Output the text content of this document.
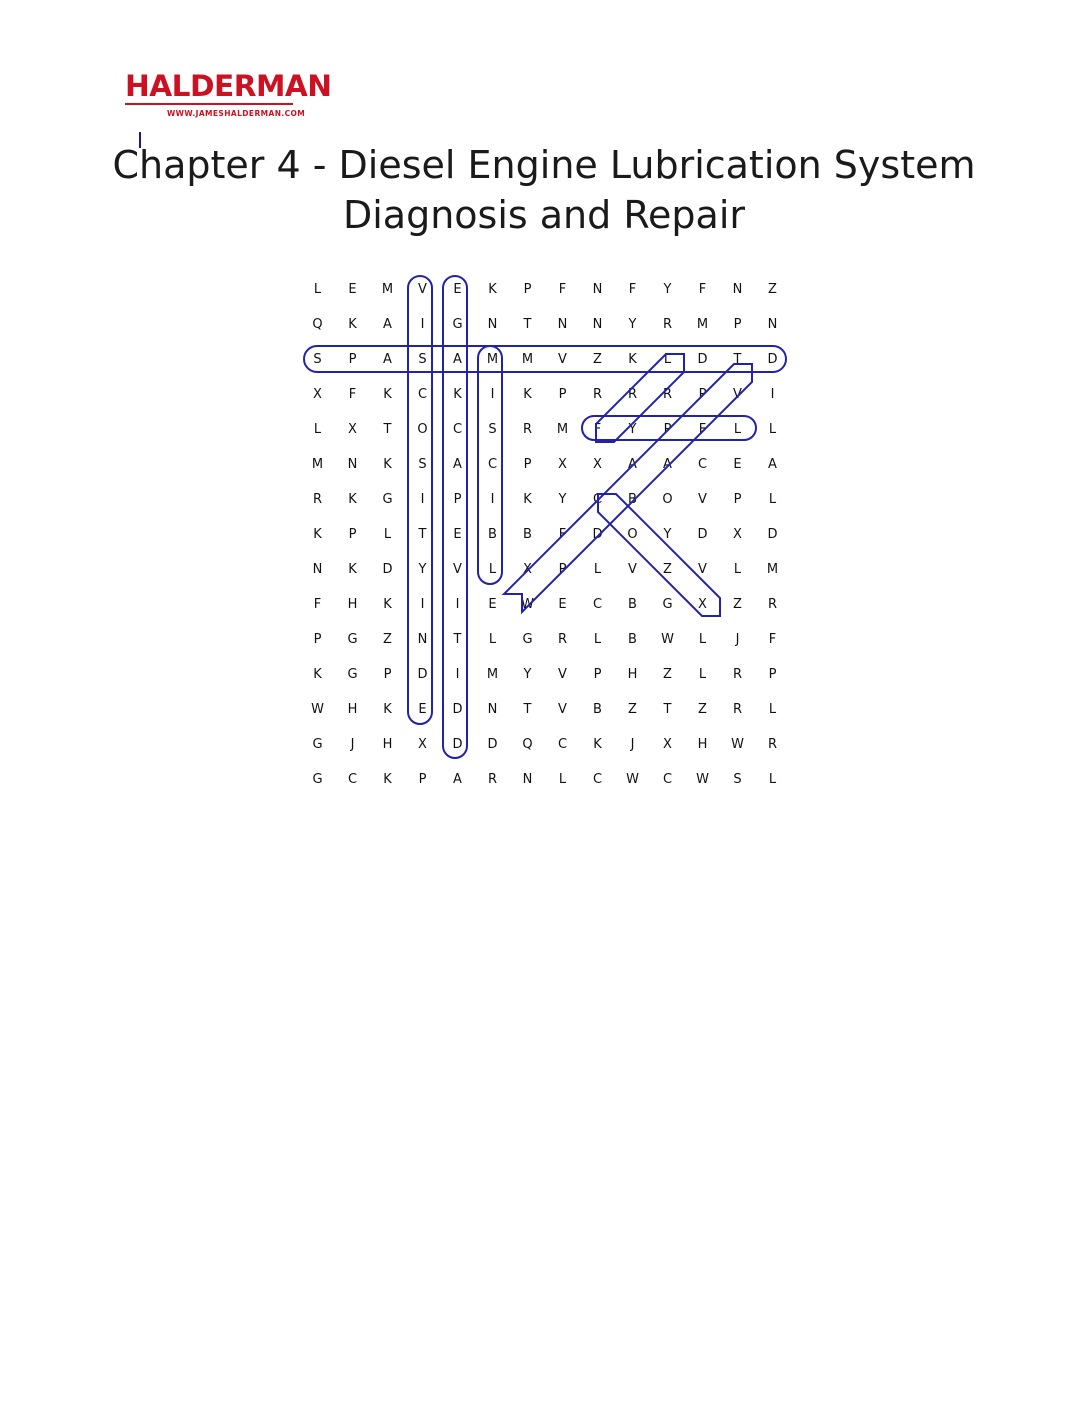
HALDERMAN
WWW.JAMESHALDERMAN.COM
Chapter 4 - Diesel Engine Lubrication System Diagnosis and Repair
L	E	M	V	E	K	P	F	N	F	Y	F	N	Z
Q	K	A	I	G	N	T	N	N	Y	R	M	P	N
S	P	A	S	A	M	M	V	Z	K	L	D	T	D
X	F	K	C	K	I	K	P	R	R	R	P	V	I
L	X	T	O	C	S	R	M	F	Y	P	F	L	L
M	N	K	S	A	C	P	X	X	A	A	C	E	A
R	K	G	I	P	I	K	Y	C	B	O	V	P	L
K	P	L	T	E	B	B	F	D	O	Y	D	X	D
N	K	D	Y	V	L	X	P	L	V	Z	V	L	M
F	H	K	I	I	E	W	E	C	B	G	X	Z	R
P	G	Z	N	T	L	G	R	L	B	W	L	J	F
K	G	P	D	I	M	Y	V	P	H	Z	L	R	P
W	H	K	E	D	N	T	V	B	Z	T	Z	R	L
G	J	H	X	D	D	Q	C	K	J	X	H	W	R
G	C	K	P	A	R	N	L	C	W	C	W	S	L
